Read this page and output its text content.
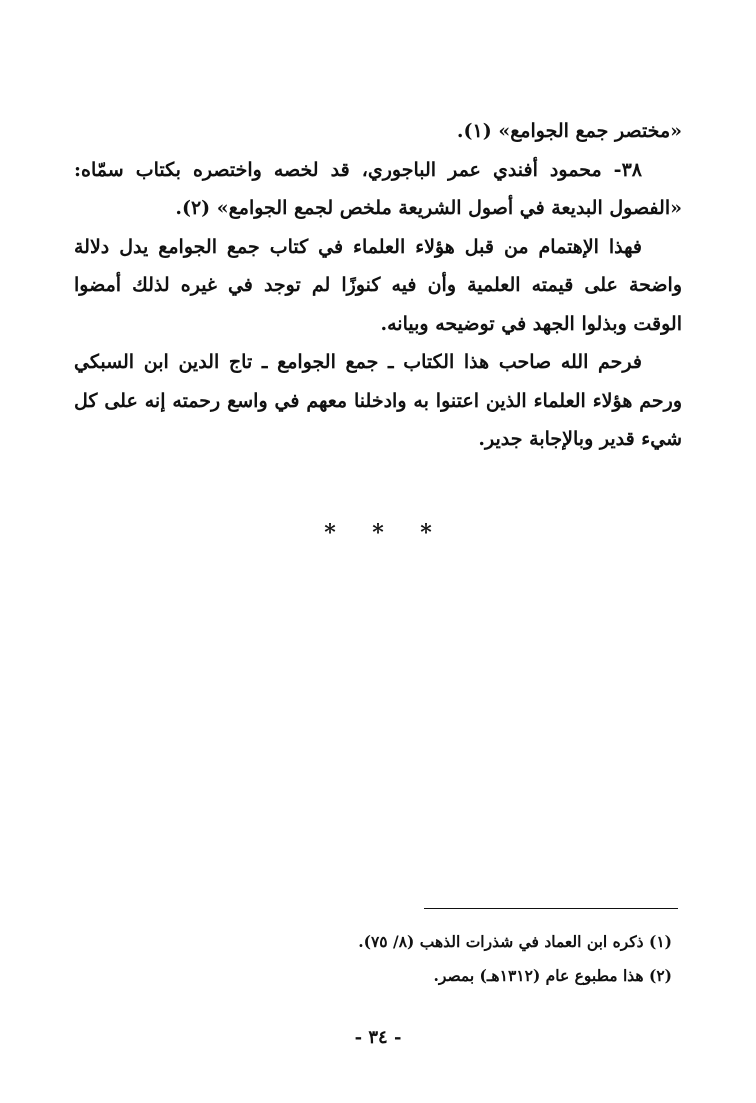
«مختصر جمع الجوامع» (١).

٣٨- محمود أفندي عمر الباجوري، قد لخصه واختصره بكتاب سمّاه: «الفصول البديعة في أصول الشريعة ملخص لجمع الجوامع» (٢).

فهذا الإهتمام من قبل هؤلاء العلماء في كتاب جمع الجوامع يدل دلالة واضحة على قيمته العلمية وأن فيه كنوزًا لم توجد في غيره لذلك أمضوا الوقت وبذلوا الجهد في توضيحه وبيانه.

فرحم الله صاحب هذا الكتاب ـ جمع الجوامع ـ تاج الدين ابن السبكي ورحم هؤلاء العلماء الذين اعتنوا به وادخلنا معهم في واسع رحمته إنه على كل شيء قدير وبالإجابة جدير.

* * *

(١) ذكره ابن العماد في شذرات الذهب (٨/ ٧٥).

(٢) هذا مطبوع عام (١٣١٢هـ) بمصر.

- ٣٤ -
